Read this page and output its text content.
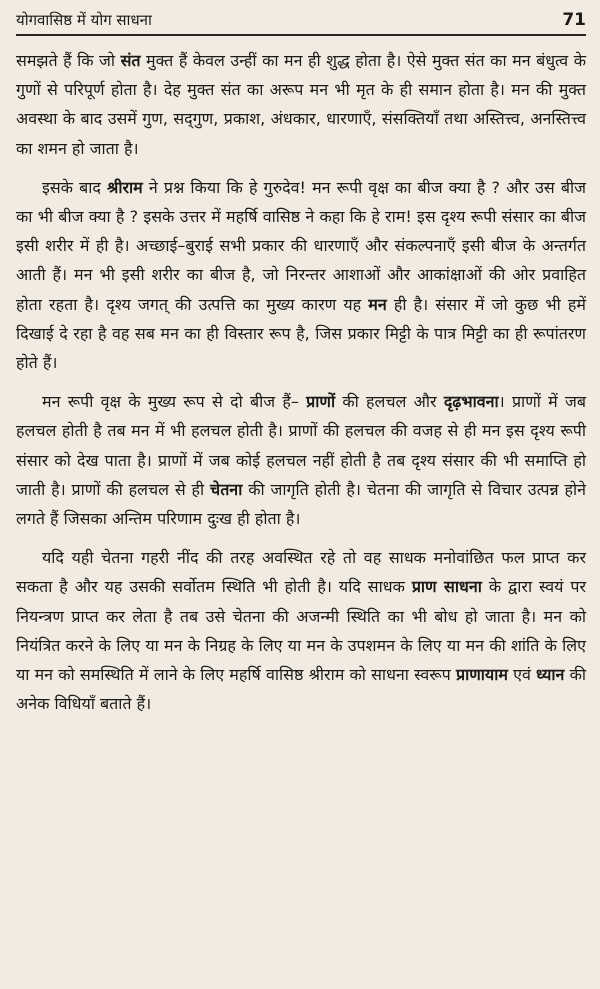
योगवासिष्ठ में योग साधना	71

समझते हैं कि जो संत मुक्त हैं केवल उन्हीं का मन ही शुद्ध होता है। ऐसे मुक्त संत का मन बंधुत्व के गुणों से परिपूर्ण होता है। देह मुक्त संत का अरूप मन भी मृत के ही समान होता है। मन की मुक्त अवस्था के बाद उसमें गुण, सद्‌गुण, प्रकाश, अंधकार, धारणाएँ, संसक्तियाँ तथा अस्तित्त्व, अनस्तित्त्व का शमन हो जाता है।

इसके बाद श्रीराम ने प्रश्न किया कि हे गुरुदेव! मन रूपी वृक्ष का बीज क्या है ? और उस बीज का भी बीज क्या है ? इसके उत्तर में महर्षि वासिष्ठ ने कहा कि हे राम! इस दृश्य रूपी संसार का बीज इसी शरीर में ही है। अच्छाई–बुराई सभी प्रकार की धारणाएँ और संकल्पनाएँ इसी बीज के अन्तर्गत आती हैं। मन भी इसी शरीर का बीज है, जो निरन्तर आशाओं और आकांक्षाओं की ओर प्रवाहित होता रहता है। दृश्य जगत् की उत्पत्ति का मुख्य कारण यह मन ही है। संसार में जो कुछ भी हमें दिखाई दे रहा है वह सब मन का ही विस्तार रूप है, जिस प्रकार मिट्टी के पात्र मिट्टी का ही रूपांतरण होते हैं।

मन रूपी वृक्ष के मुख्य रूप से दो बीज हैं– प्राणों की हलचल और दृढ़भावना। प्राणों में जब हलचल होती है तब मन में भी हलचल होती है। प्राणों की हलचल की वजह से ही मन इस दृश्य रूपी संसार को देख पाता है। प्राणों में जब कोई हलचल नहीं होती है तब दृश्य संसार की भी समाप्ति हो जाती है। प्राणों की हलचल से ही चेतना की जागृति होती है। चेतना की जागृति से विचार उत्पन्न होने लगते हैं जिसका अन्तिम परिणाम दुःख ही होता है।

यदि यही चेतना गहरी नींद की तरह अवस्थित रहे तो वह साधक मनोवांछित फल प्राप्त कर सकता है और यह उसकी सर्वोतम स्थिति भी होती है। यदि साधक प्राण साधना के द्वारा स्वयं पर नियन्त्रण प्राप्त कर लेता है तब उसे चेतना की अजन्मी स्थिति का भी बोध हो जाता है। मन को नियंत्रित करने के लिए या मन के निग्रह के लिए या मन के उपशमन के लिए या मन की शांति के लिए या मन को समस्थिति में लाने के लिए महर्षि वासिष्ठ श्रीराम को साधना स्वरूप प्राणायाम एवं ध्यान की अनेक विधियाँ बताते हैं।
